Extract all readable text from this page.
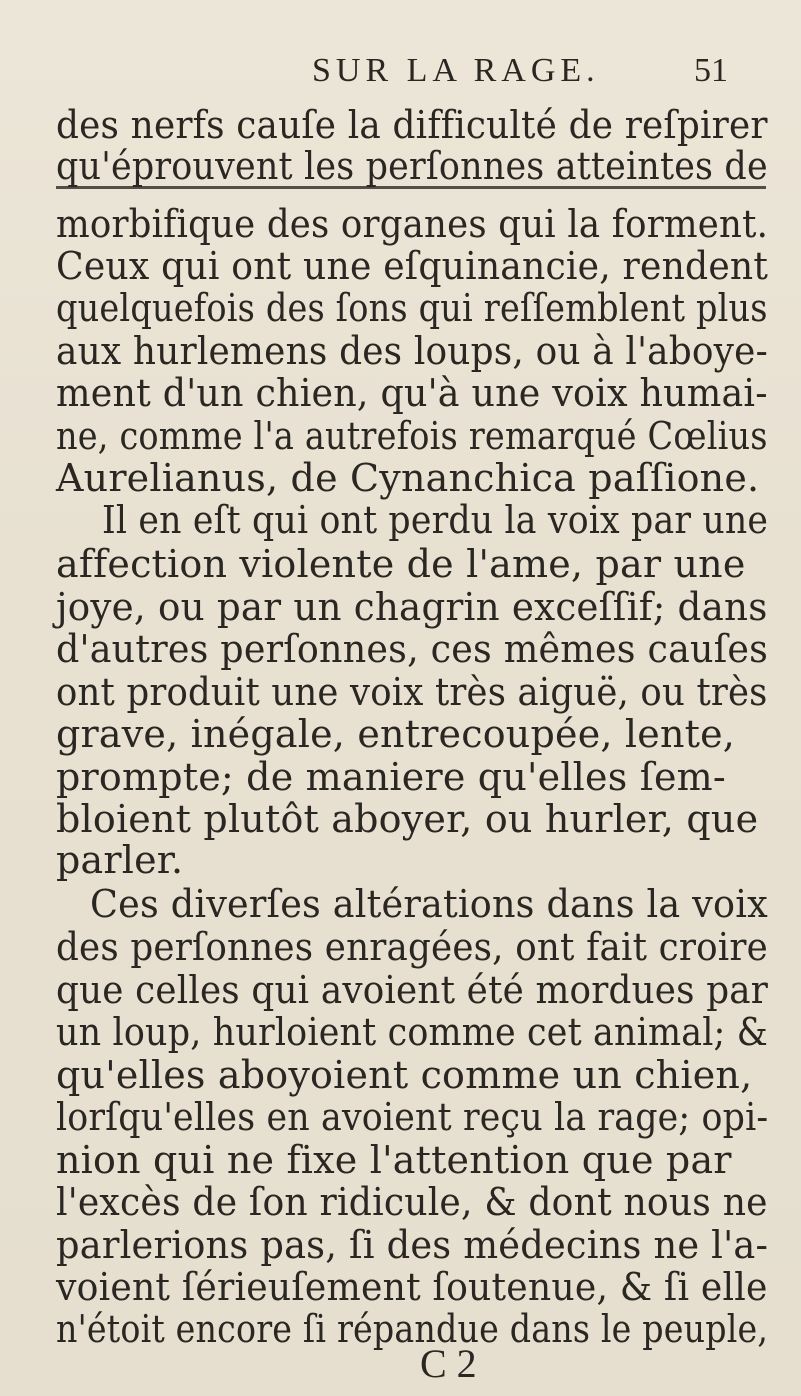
SUR LA RAGE.	51
des nerfs cauſe la difficulté de reſpirer
qu'éprouvent les perſonnes atteintes de
morbifique des organes qui la forment.
Ceux qui ont une eſquinancie, rendent
quelquefois des ſons qui reſſemblent plus
aux hurlemens des loups, ou à l'aboye-
ment d'un chien, qu'à une voix humai-
ne, comme l'a autrefois remarqué Cœlius
Aurelianus, de Cynanchica paſſione.
Il en eſt qui ont perdu la voix par une
affection violente de l'ame, par une
joye, ou par un chagrin exceſſif; dans
d'autres perſonnes, ces mêmes cauſes
ont produit une voix très aiguë, ou très
grave, inégale, entrecoupée, lente,
prompte; de maniere qu'elles ſem-
bloient plutôt aboyer, ou hurler, que
parler.
Ces diverſes altérations dans la voix
des perſonnes enragées, ont fait croire
que celles qui avoient été mordues par
un loup, hurloient comme cet animal; &
qu'elles aboyoient comme un chien,
lorſqu'elles en avoient reçu la rage; opi-
nion qui ne fixe l'attention que par
l'excès de ſon ridicule, & dont nous ne
parlerions pas, ſi des médecins ne l'a-
voient ſérieuſement ſoutenue, & ſi elle
n'étoit encore ſi répandue dans le peuple,
C 2
